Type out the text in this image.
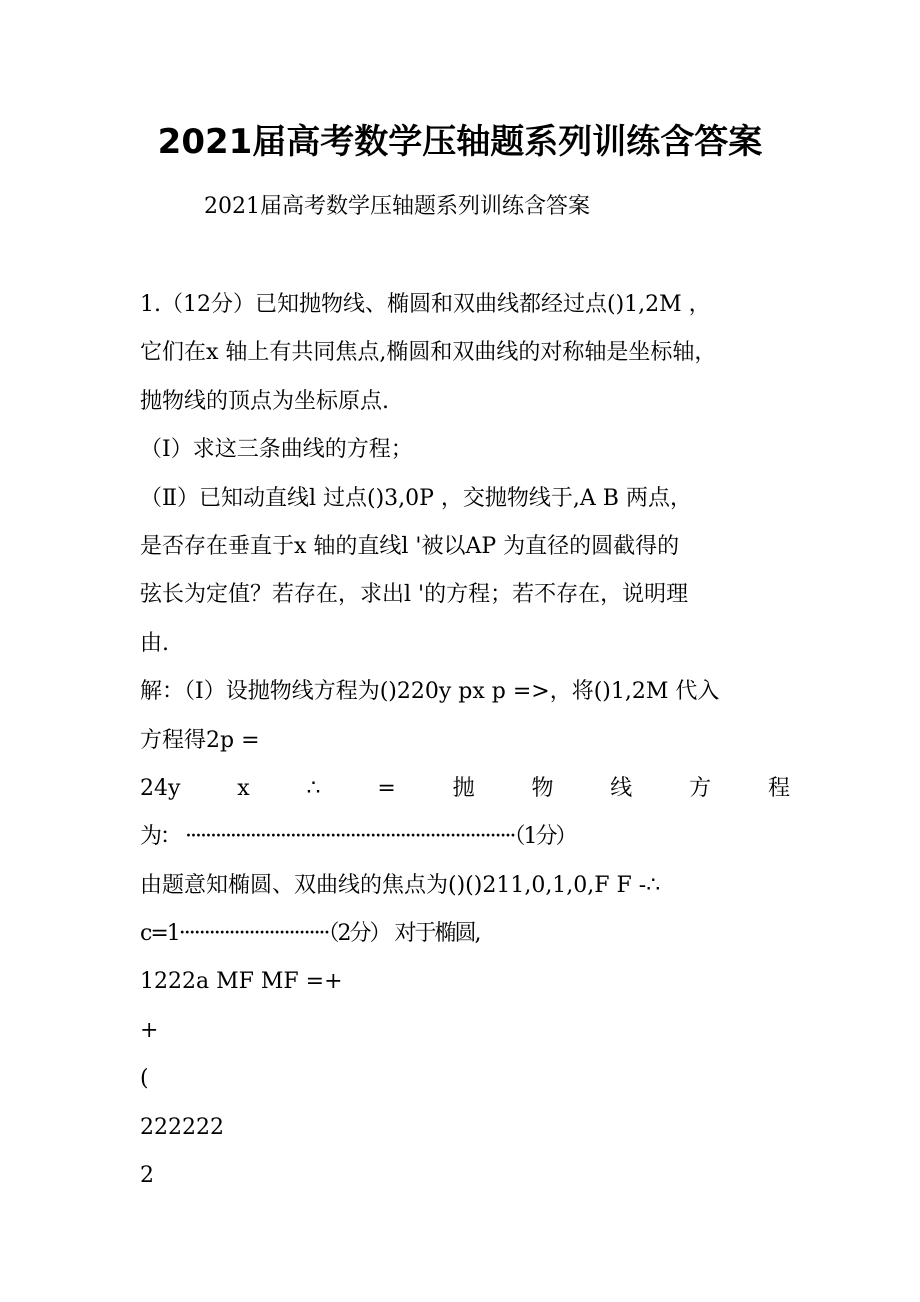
2021届高考数学压轴题系列训练含答案
2021届高考数学压轴题系列训练含答案
1.（12分）已知抛物线、椭圆和双曲线都经过点()1,2M ，
它们在x 轴上有共同焦点,椭圆和双曲线的对称轴是坐标轴，
抛物线的顶点为坐标原点.
（Ⅰ）求这三条曲线的方程；
（Ⅱ）已知动直线l 过点()3,0P ，交抛物线于,A B 两点，
是否存在垂直于x 轴的直线l '被以AP 为直径的圆截得的
弦长为定值？若存在，求出l '的方程；若不存在，说明理
由.
解：（Ⅰ）设抛物线方程为()220y px p =>，将()1,2M 代入
方程得2p =
24y	x	∴	=	抛	物	线	方	程
为： ··································································（1分）
由题意知椭圆、双曲线的焦点为()()211,0,1,0,F F -∴
c=1······························（2分） 对于椭圆,
1222a MF MF =+
+
(
222222
2
